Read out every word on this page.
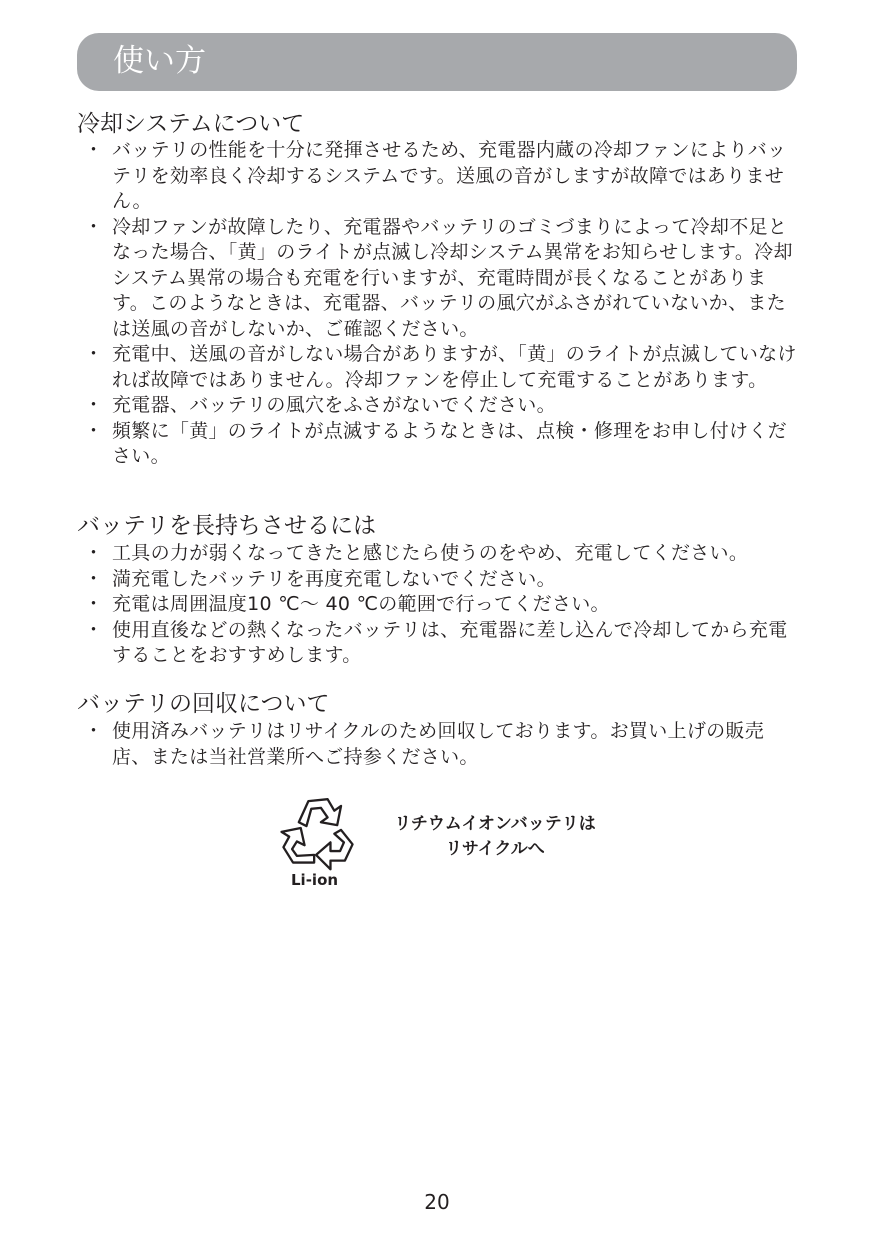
使い方
冷却システムについて
・ バッテリの性能を十分に発揮させるため、充電器内蔵の冷却ファンによりバッテリを効率良く冷却するシステムです。送風の音がしますが故障ではありません。
・ 冷却ファンが故障したり、充電器やバッテリのゴミづまりによって冷却不足となった場合、「黄」のライトが点滅し冷却システム異常をお知らせします。冷却システム異常の場合も充電を行いますが、充電時間が長くなることがあります。このようなときは、充電器、バッテリの風穴がふさがれていないか、または送風の音がしないか、ご確認ください。
・ 充電中、送風の音がしない場合がありますが、「黄」のライトが点滅していなければ故障ではありません。冷却ファンを停止して充電することがあります。
・ 充電器、バッテリの風穴をふさがないでください。
・ 頻繁に「黄」のライトが点滅するようなときは、点検・修理をお申し付けください。
バッテリを長持ちさせるには
・ 工具の力が弱くなってきたと感じたら使うのをやめ、充電してください。
・ 満充電したバッテリを再度充電しないでください。
・ 充電は周囲温度10 ℃～ 40 ℃の範囲で行ってください。
・ 使用直後などの熱くなったバッテリは、充電器に差し込んで冷却してから充電することをおすすめします。
バッテリの回収について
・ 使用済みバッテリはリサイクルのため回収しております。お買い上げの販売店、または当社営業所へご持参ください。
Li-ion
リチウムイオンバッテリは
リサイクルへ
20
